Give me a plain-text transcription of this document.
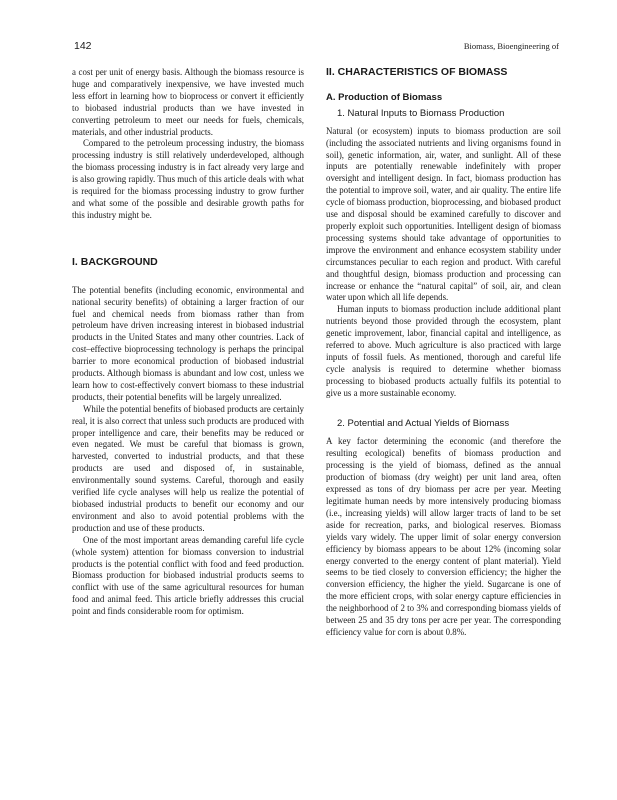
142	Biomass, Bioengineering of

a cost per unit of energy basis. Although the biomass resource is huge and comparatively inexpensive, we have invested much less effort in learning how to bioprocess or convert it efficiently to biobased industrial products than we have invested in converting petroleum to meet our needs for fuels, chemicals, materials, and other industrial products.

Compared to the petroleum processing industry, the biomass processing industry is still relatively underdeveloped, although the biomass processing industry is in fact already very large and is also growing rapidly. Thus much of this article deals with what is required for the biomass processing industry to grow further and what some of the possible and desirable growth paths for this industry might be.

I. BACKGROUND

The potential benefits (including economic, environmental and national security benefits) of obtaining a larger fraction of our fuel and chemical needs from biomass rather than from petroleum have driven increasing interest in biobased industrial products in the United States and many other countries. Lack of cost–effective bioprocessing technology is perhaps the principal barrier to more economical production of biobased industrial products. Although biomass is abundant and low cost, unless we learn how to cost-effectively convert biomass to these industrial products, their potential benefits will be largely unrealized.

While the potential benefits of biobased products are certainly real, it is also correct that unless such products are produced with proper intelligence and care, their benefits may be reduced or even negated. We must be careful that biomass is grown, harvested, converted to industrial products, and that these products are used and disposed of, in sustainable, environmentally sound systems. Careful, thorough and easily verified life cycle analyses will help us realize the potential of biobased industrial products to benefit our economy and our environment and also to avoid potential problems with the production and use of these products.

One of the most important areas demanding careful life cycle (whole system) attention for biomass conversion to industrial products is the potential conflict with food and feed production. Biomass production for biobased industrial products seems to conflict with use of the same agricultural resources for human food and animal feed. This article briefly addresses this crucial point and finds considerable room for optimism.

II. CHARACTERISTICS OF BIOMASS
A. Production of Biomass
1. Natural Inputs to Biomass Production

Natural (or ecosystem) inputs to biomass production are soil (including the associated nutrients and living organisms found in soil), genetic information, air, water, and sunlight. All of these inputs are potentially renewable indefinitely with proper oversight and intelligent design. In fact, biomass production has the potential to improve soil, water, and air quality. The entire life cycle of biomass production, bioprocessing, and biobased product use and disposal should be examined carefully to discover and properly exploit such opportunities. Intelligent design of biomass processing systems should take advantage of opportunities to improve the environment and enhance ecosystem stability under circumstances peculiar to each region and product. With careful and thoughtful design, biomass production and processing can increase or enhance the “natural capital” of soil, air, and clean water upon which all life depends.

Human inputs to biomass production include additional plant nutrients beyond those provided through the ecosystem, plant genetic improvement, labor, financial capital and intelligence, as referred to above. Much agriculture is also practiced with large inputs of fossil fuels. As mentioned, thorough and careful life cycle analysis is required to determine whether biomass processing to biobased products actually fulfils its potential to give us a more sustainable economy.

2. Potential and Actual Yields of Biomass

A key factor determining the economic (and therefore the resulting ecological) benefits of biomass production and processing is the yield of biomass, defined as the annual production of biomass (dry weight) per unit land area, often expressed as tons of dry biomass per acre per year. Meeting legitimate human needs by more intensively producing biomass (i.e., increasing yields) will allow larger tracts of land to be set aside for recreation, parks, and biological reserves. Biomass yields vary widely. The upper limit of solar energy conversion efficiency by biomass appears to be about 12% (incoming solar energy converted to the energy content of plant material). Yield seems to be tied closely to conversion efficiency; the higher the conversion efficiency, the higher the yield. Sugarcane is one of the more efficient crops, with solar energy capture efficiencies in the neighborhood of 2 to 3% and corresponding biomass yields of between 25 and 35 dry tons per acre per year. The corresponding efficiency value for corn is about 0.8%.
